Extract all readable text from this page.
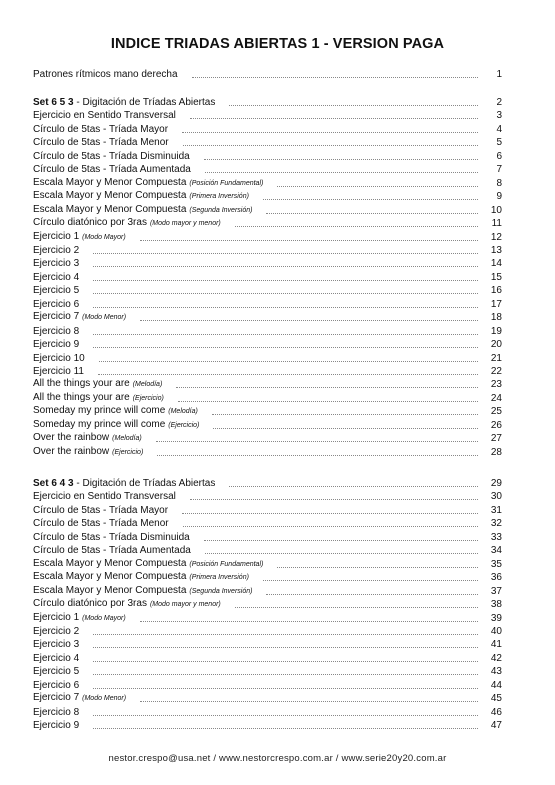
INDICE TRIADAS ABIERTAS 1 - VERSION PAGA
Patrones rítmicos mano derecha	1
Set 6 5 3 - Digitación de Tríadas Abiertas	2
Ejercicio en Sentido Transversal	3
Círculo de 5tas - Tríada Mayor	4
Círculo de 5tas - Tríada Menor	5
Círculo de 5tas - Tríada Disminuida	6
Círculo de 5tas - Tríada Aumentada	7
Escala Mayor y Menor Compuesta (Posición Fundamental)	8
Escala Mayor y Menor Compuesta (Primera Inversión)	9
Escala Mayor y Menor Compuesta (Segunda Inversión)	10
Círculo diatónico por 3ras (Modo mayor y menor)	11
Ejercicio 1 (Modo Mayor)	12
Ejercicio 2	13
Ejercicio 3	14
Ejercicio 4	15
Ejercicio 5	16
Ejercicio 6	17
Ejercicio 7 (Modo Menor)	18
Ejercicio 8	19
Ejercicio 9	20
Ejercicio 10	21
Ejercicio 11	22
All the things your are (Melodía)	23
All the things your are (Ejercicio)	24
Someday my prince will come (Melodía)	25
Someday my prince will come (Ejercicio)	26
Over the rainbow (Melodía)	27
Over the rainbow (Ejercicio)	28
Set 6 4 3 - Digitación de Tríadas Abiertas	29
Ejercicio en Sentido Transversal	30
Círculo de 5tas - Tríada Mayor	31
Círculo de 5tas - Tríada Menor	32
Círculo de 5tas - Tríada Disminuida	33
Círculo de 5tas - Tríada Aumentada	34
Escala Mayor y Menor Compuesta (Posición Fundamental)	35
Escala Mayor y Menor Compuesta (Primera Inversión)	36
Escala Mayor y Menor Compuesta (Segunda Inversión)	37
Círculo diatónico por 3ras (Modo mayor y menor)	38
Ejercicio 1 (Modo Mayor)	39
Ejercicio 2	40
Ejercicio 3	41
Ejercicio 4	42
Ejercicio 5	43
Ejercicio 6	44
Ejercicio 7 (Modo Menor)	45
Ejercicio 8	46
Ejercicio 9	47
nestor.crespo@usa.net / www.nestorcrespo.com.ar / www.serie20y20.com.ar
